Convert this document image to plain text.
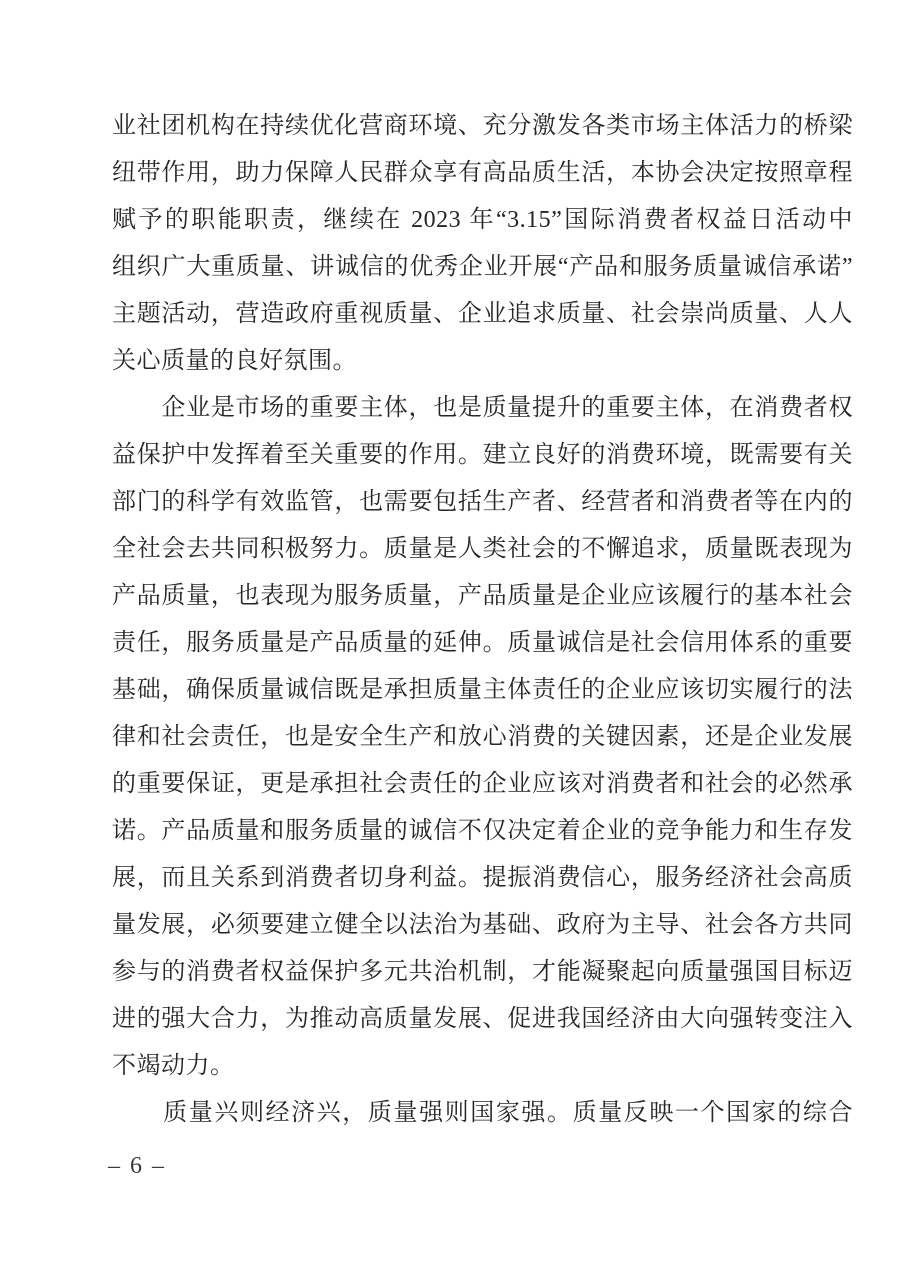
业社团机构在持续优化营商环境、充分激发各类市场主体活力的桥梁
纽带作用，助力保障人民群众享有高品质生活，本协会决定按照章程
赋予的职能职责，继续在 2023 年“3.15”国际消费者权益日活动中
组织广大重质量、讲诚信的优秀企业开展“产品和服务质量诚信承诺”
主题活动，营造政府重视质量、企业追求质量、社会崇尚质量、人人
关心质量的良好氛围。
　　企业是市场的重要主体，也是质量提升的重要主体，在消费者权
益保护中发挥着至关重要的作用。建立良好的消费环境，既需要有关
部门的科学有效监管，也需要包括生产者、经营者和消费者等在内的
全社会去共同积极努力。质量是人类社会的不懈追求，质量既表现为
产品质量，也表现为服务质量，产品质量是企业应该履行的基本社会
责任，服务质量是产品质量的延伸。质量诚信是社会信用体系的重要
基础，确保质量诚信既是承担质量主体责任的企业应该切实履行的法
律和社会责任，也是安全生产和放心消费的关键因素，还是企业发展
的重要保证，更是承担社会责任的企业应该对消费者和社会的必然承
诺。产品质量和服务质量的诚信不仅决定着企业的竞争能力和生存发
展，而且关系到消费者切身利益。提振消费信心，服务经济社会高质
量发展，必须要建立健全以法治为基础、政府为主导、社会各方共同
参与的消费者权益保护多元共治机制，才能凝聚起向质量强国目标迈
进的强大合力，为推动高质量发展、促进我国经济由大向强转变注入
不竭动力。
　　质量兴则经济兴，质量强则国家强。质量反映一个国家的综合
– 6 –
